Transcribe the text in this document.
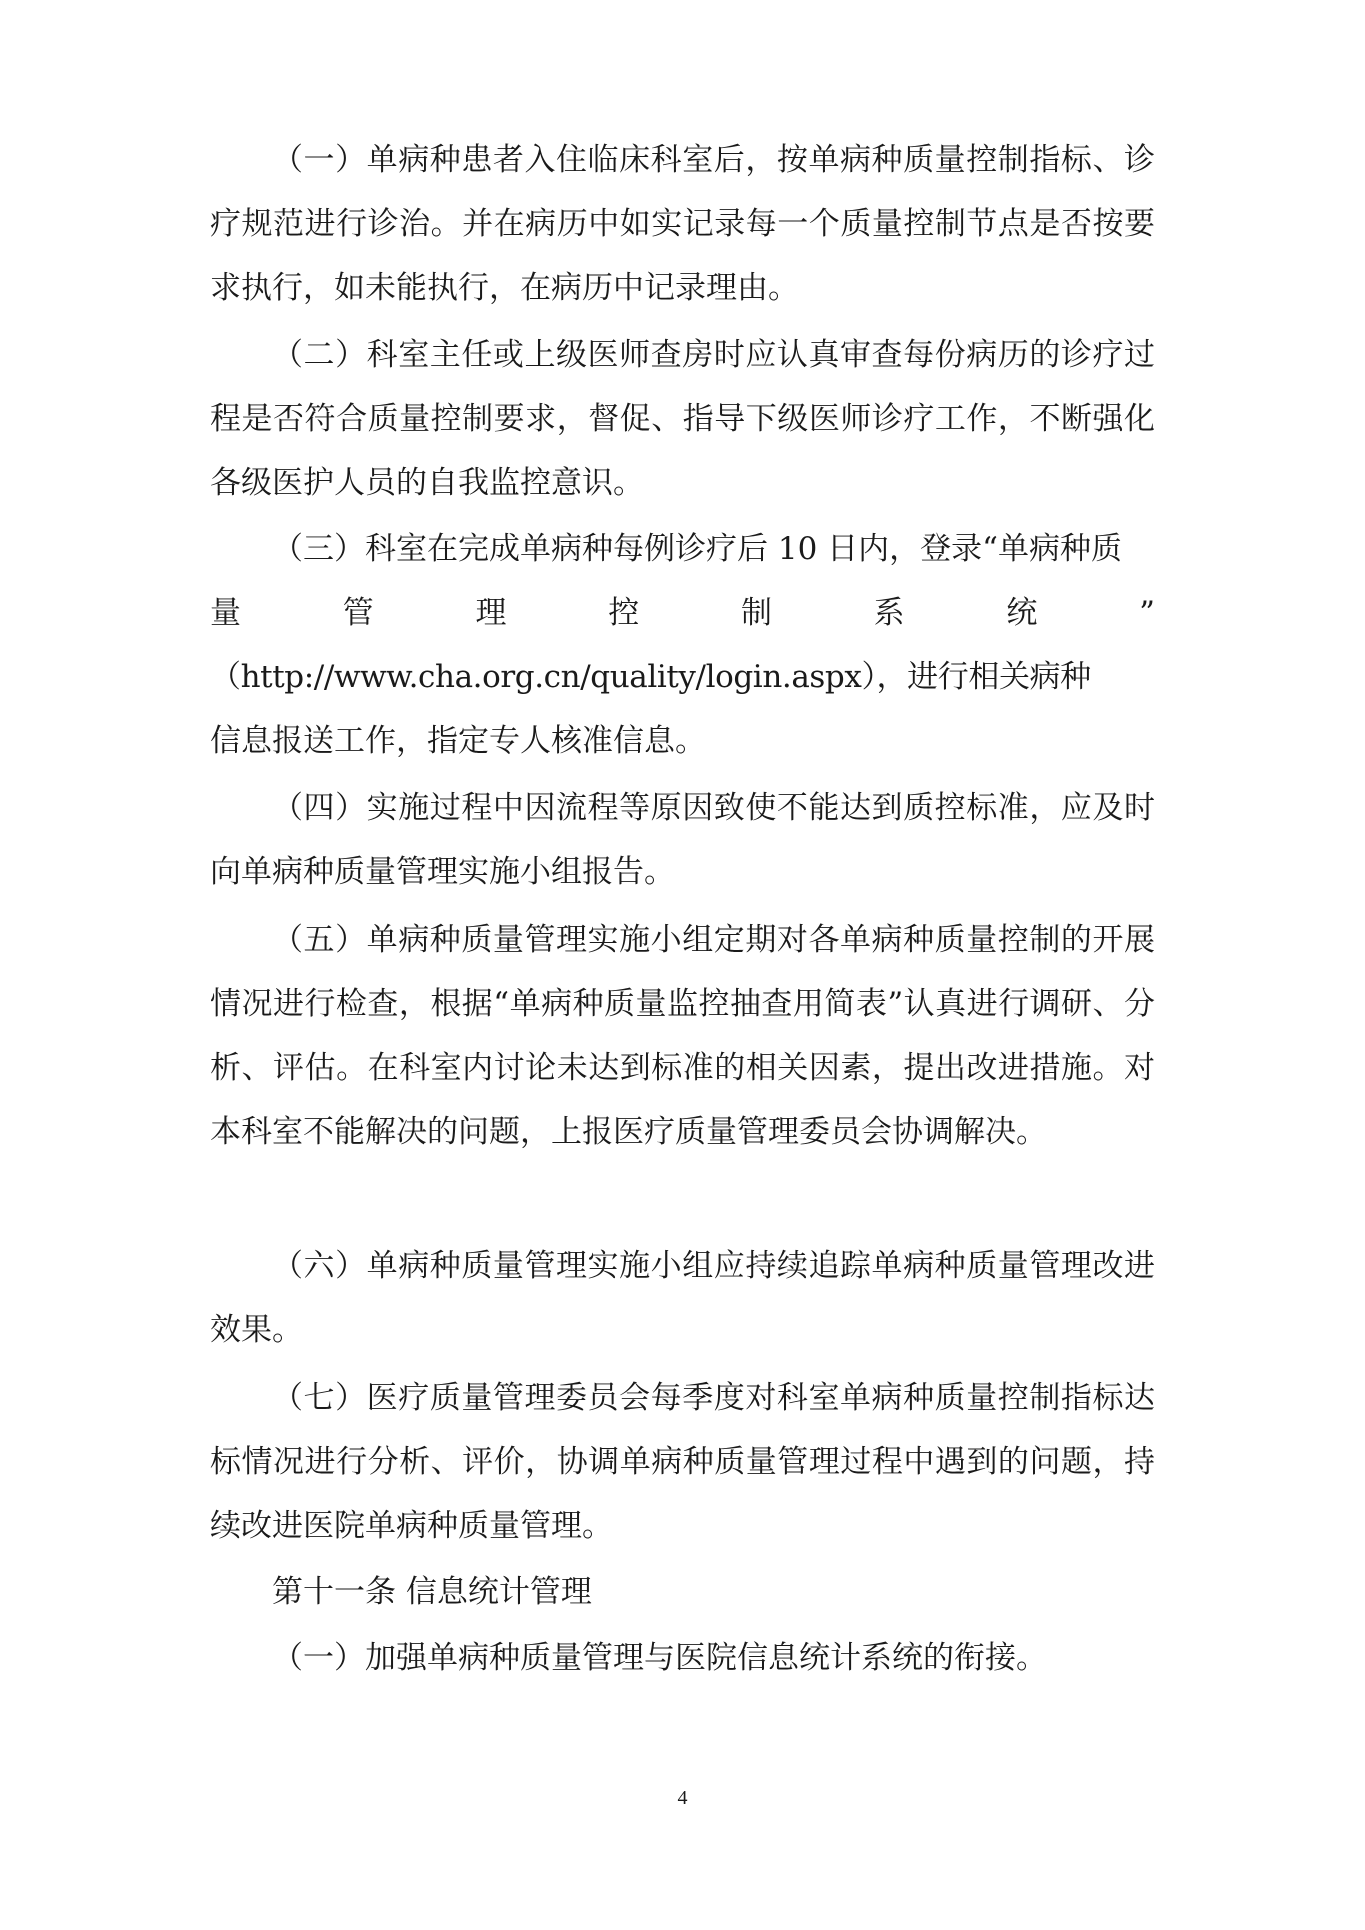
（一）单病种患者入住临床科室后，按单病种质量控制指标、诊疗规范进行诊治。并在病历中如实记录每一个质量控制节点是否按要求执行，如未能执行，在病历中记录理由。

（二）科室主任或上级医师查房时应认真审查每份病历的诊疗过程是否符合质量控制要求，督促、指导下级医师诊疗工作，不断强化各级医护人员的自我监控意识。

（三）科室在完成单病种每例诊疗后 10 日内，登录“单病种质
量	管	理	控	制	系	统	”
（http://www.cha.org.cn/quality/login.aspx），进行相关病种
信息报送工作，指定专人核准信息。

（四）实施过程中因流程等原因致使不能达到质控标准，应及时向单病种质量管理实施小组报告。

（五）单病种质量管理实施小组定期对各单病种质量控制的开展情况进行检查，根据“单病种质量监控抽查用简表”认真进行调研、分析、评估。在科室内讨论未达到标准的相关因素，提出改进措施。对本科室不能解决的问题，上报医疗质量管理委员会协调解决。

（六）单病种质量管理实施小组应持续追踪单病种质量管理改进效果。

（七）医疗质量管理委员会每季度对科室单病种质量控制指标达标情况进行分析、评价，协调单病种质量管理过程中遇到的问题，持续改进医院单病种质量管理。

第十一条 信息统计管理

（一）加强单病种质量管理与医院信息统计系统的衔接。

4
